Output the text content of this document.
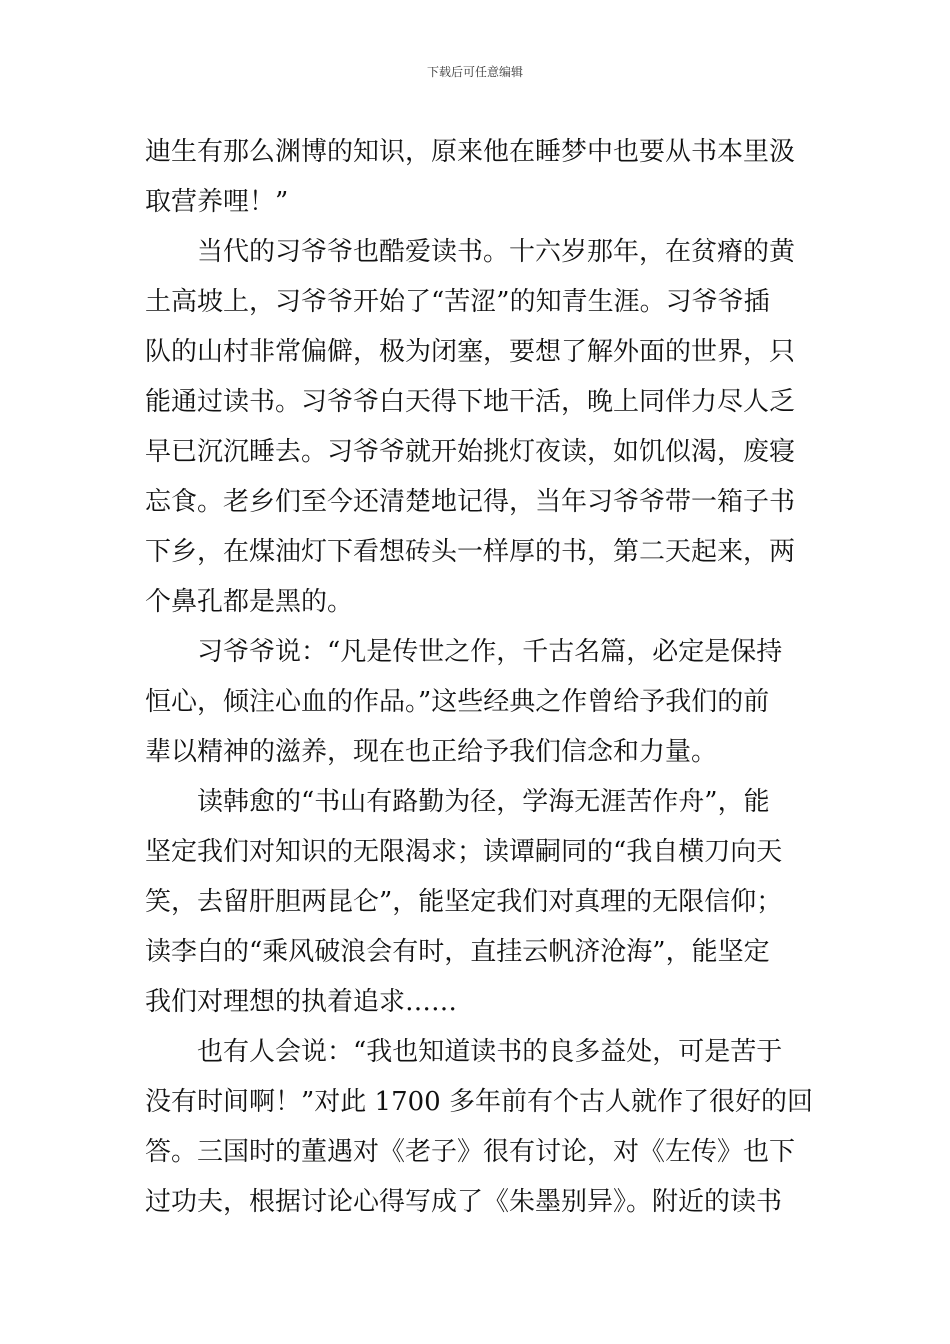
下载后可任意编辑

迪生有那么渊博的知识，原来他在睡梦中也要从书本里汲
取营养哩！”

当代的习爷爷也酷爱读书。十六岁那年，在贫瘠的黄
土高坡上，习爷爷开始了“苦涩”的知青生涯。习爷爷插
队的山村非常偏僻，极为闭塞，要想了解外面的世界，只
能通过读书。习爷爷白天得下地干活，晚上同伴力尽人乏
早已沉沉睡去。习爷爷就开始挑灯夜读，如饥似渴，废寝
忘食。老乡们至今还清楚地记得，当年习爷爷带一箱子书
下乡，在煤油灯下看想砖头一样厚的书，第二天起来，两
个鼻孔都是黑的。

习爷爷说：“凡是传世之作，千古名篇，必定是保持
恒心，倾注心血的作品。”这些经典之作曾给予我们的前
辈以精神的滋养，现在也正给予我们信念和力量。

读韩愈的“书山有路勤为径，学海无涯苦作舟”，能
坚定我们对知识的无限渴求；读谭嗣同的“我自横刀向天
笑，去留肝胆两昆仑”，能坚定我们对真理的无限信仰；
读李白的“乘风破浪会有时，直挂云帆济沧海”，能坚定
我们对理想的执着追求……

也有人会说：“我也知道读书的良多益处，可是苦于
没有时间啊！”对此 1700 多年前有个古人就作了很好的回
答。三国时的董遇对《老子》很有讨论，对《左传》也下
过功夫，根据讨论心得写成了《朱墨别异》。附近的读书
